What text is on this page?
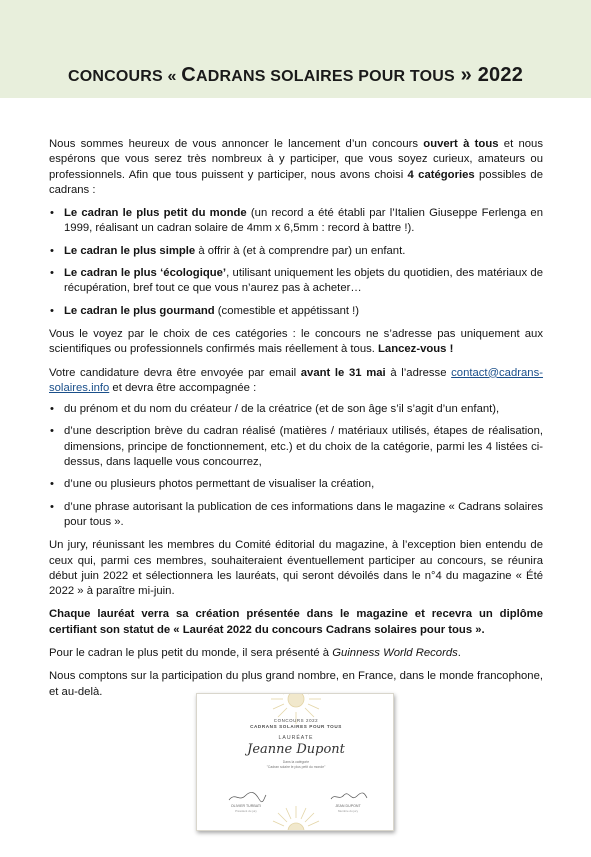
CONCOURS « CADRANS SOLAIRES POUR TOUS » 2022

Nous sommes heureux de vous annoncer le lancement d’un concours ouvert à tous et nous espérons que vous serez très nombreux à y participer, que vous soyez curieux, amateurs ou professionnels. Afin que tous puissent y participer, nous avons choisi 4 catégories possibles de cadrans :

• Le cadran le plus petit du monde (un record a été établi par l’Italien Giuseppe Ferlenga en 1999, réalisant un cadran solaire de 4mm x 6,5mm : record à battre !).
• Le cadran le plus simple à offrir à (et à comprendre par) un enfant.
• Le cadran le plus ‘écologique’, utilisant uniquement les objets du quotidien, des matériaux de récupération, bref tout ce que vous n’aurez pas à acheter…
• Le cadran le plus gourmand (comestible et appétissant !)

Vous le voyez par le choix de ces catégories : le concours ne s’adresse pas uniquement aux scientifiques ou professionnels confirmés mais réellement à tous. Lancez-vous !

Votre candidature devra être envoyée par email avant le 31 mai à l’adresse contact@cadrans-solaires.info et devra être accompagnée :

• du prénom et du nom du créateur / de la créatrice (et de son âge s’il s’agit d’un enfant),
• d’une description brève du cadran réalisé (matières / matériaux utilisés, étapes de réalisation, dimensions, principe de fonctionnement, etc.) et du choix de la catégorie, parmi les 4 listées ci-dessus, dans laquelle vous concourrez,
• d’une ou plusieurs photos permettant de visualiser la création,
• d’une phrase autorisant la publication de ces informations dans le magazine « Cadrans solaires pour tous ».

Un jury, réunissant les membres du Comité éditorial du magazine, à l’exception bien entendu de ceux qui, parmi ces membres, souhaiteraient éventuellement participer au concours, se réunira début juin 2022 et sélectionnera les lauréats, qui seront dévoilés dans le n°4 du magazine « Été 2022 » à paraître mi-juin.

Chaque lauréat verra sa création présentée dans le magazine et recevra un diplôme certifiant son statut de « Lauréat 2022 du concours Cadrans solaires pour tous ».

Pour le cadran le plus petit du monde, il sera présenté à Guinness World Records.

Nous comptons sur la participation du plus grand nombre, en France, dans le monde francophone, et au-delà.

CONCOURS 2022
CADRANS SOLAIRES POUR TOUS
LAURÉATE
Jeanne Dupont
Dans la catégorie
"Cadran solaire le plus petit du monde"
OLIVIER TURBATI
Président du jury
JEAN DUPONT
Membre du jury
